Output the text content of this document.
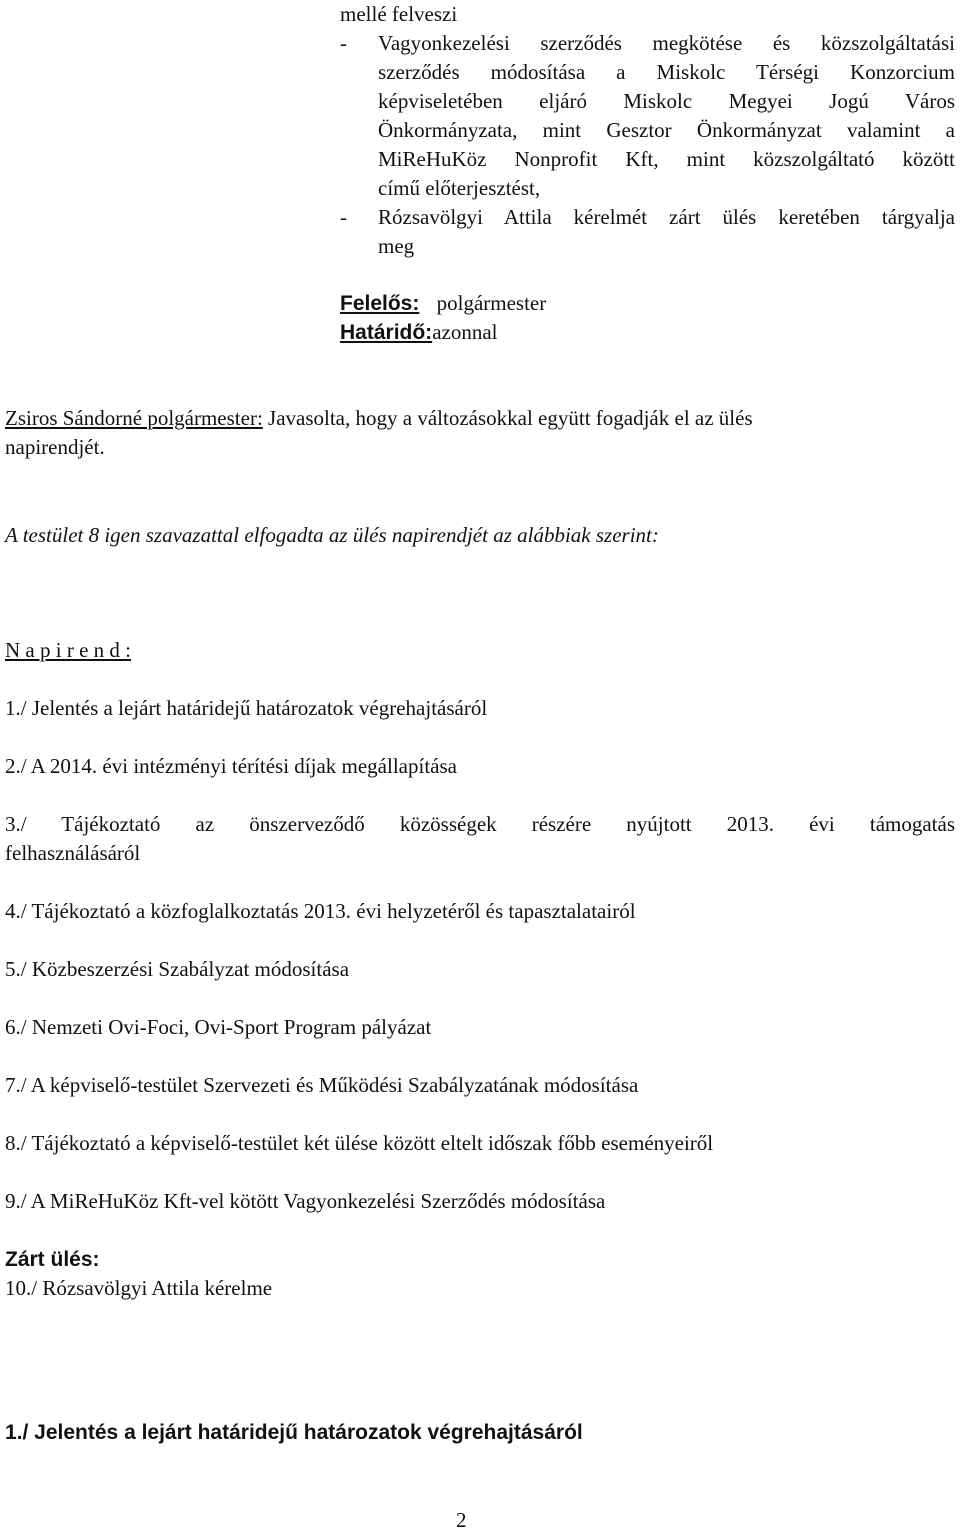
mellé felveszi
- Vagyonkezelési szerződés megkötése és közszolgáltatási
szerződés módosítása a Miskolc Térségi Konzorcium
képviseletében eljáró Miskolc Megyei Jogú Város
Önkormányzata, mint Gesztor Önkormányzat valamint a
MiReHuKöz Nonprofit Kft, mint közszolgáltató között
című előterjesztést,
- Rózsavölgyi Attila kérelmét zárt ülés keretében tárgyalja
meg
Felelős: polgármester
Határidő:azonnal
Zsiros Sándorné polgármester: Javasolta, hogy a változásokkal együtt fogadják el az ülés
napirendjét.
A testület 8 igen szavazattal elfogadta az ülés napirendjét az alábbiak szerint:
N a p i r e n d :
1./ Jelentés a lejárt határidejű határozatok végrehajtásáról
2./ A 2014. évi intézményi térítési díjak megállapítása
3./ Tájékoztató az önszerveződő közösségek részére nyújtott 2013. évi támogatás
felhasználásáról
4./ Tájékoztató a közfoglalkoztatás 2013. évi helyzetéről és tapasztalatairól
5./ Közbeszerzési Szabályzat módosítása
6./ Nemzeti Ovi-Foci, Ovi-Sport Program pályázat
7./ A képviselő-testület Szervezeti és Működési Szabályzatának módosítása
8./ Tájékoztató a képviselő-testület két ülése között eltelt időszak főbb eseményeiről
9./ A MiReHuKöz Kft-vel kötött Vagyonkezelési Szerződés módosítása
Zárt ülés:
10./ Rózsavölgyi Attila kérelme
1./ Jelentés a lejárt határidejű határozatok végrehajtásáról
2
